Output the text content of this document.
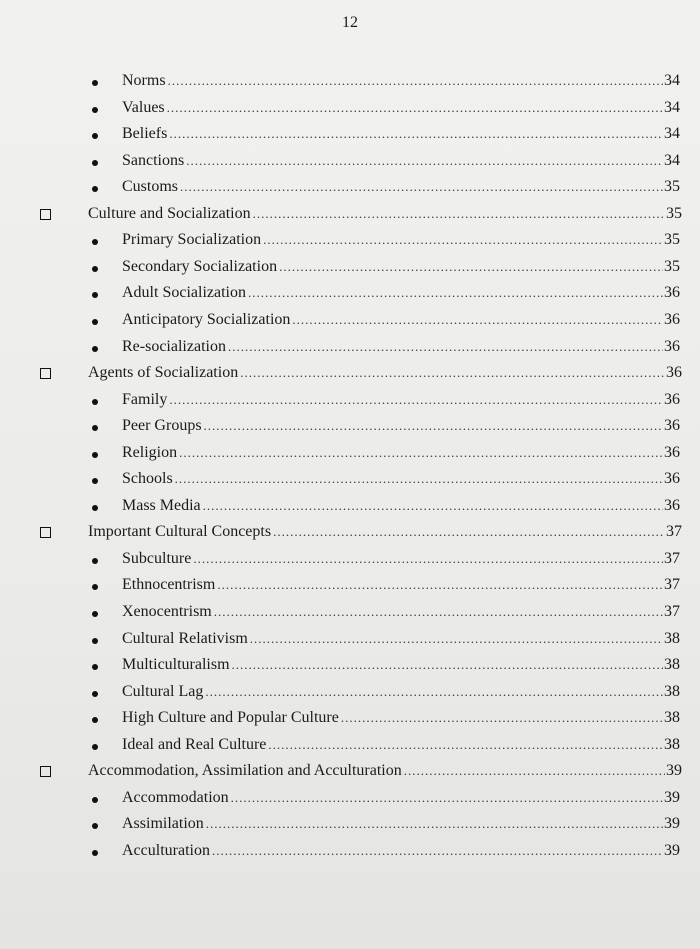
12
Norms .....	34
Values .....	34
Beliefs .....	34
Sanctions .....	34
Customs .....	35
Culture and Socialization .....	35
Primary Socialization .....	35
Secondary Socialization .....	35
Adult Socialization .....	36
Anticipatory Socialization .....	36
Re-socialization .....	36
Agents of Socialization .....	36
Family .....	36
Peer Groups .....	36
Religion .....	36
Schools .....	36
Mass Media .....	36
Important Cultural Concepts .....	37
Subculture .....	37
Ethnocentrism .....	37
Xenocentrism .....	37
Cultural Relativism .....	38
Multiculturalism .....	38
Cultural Lag .....	38
High Culture and Popular Culture .....	38
Ideal and Real Culture .....	38
Accommodation, Assimilation and Acculturation .....	39
Accommodation .....	39
Assimilation .....	39
Acculturation .....	39
